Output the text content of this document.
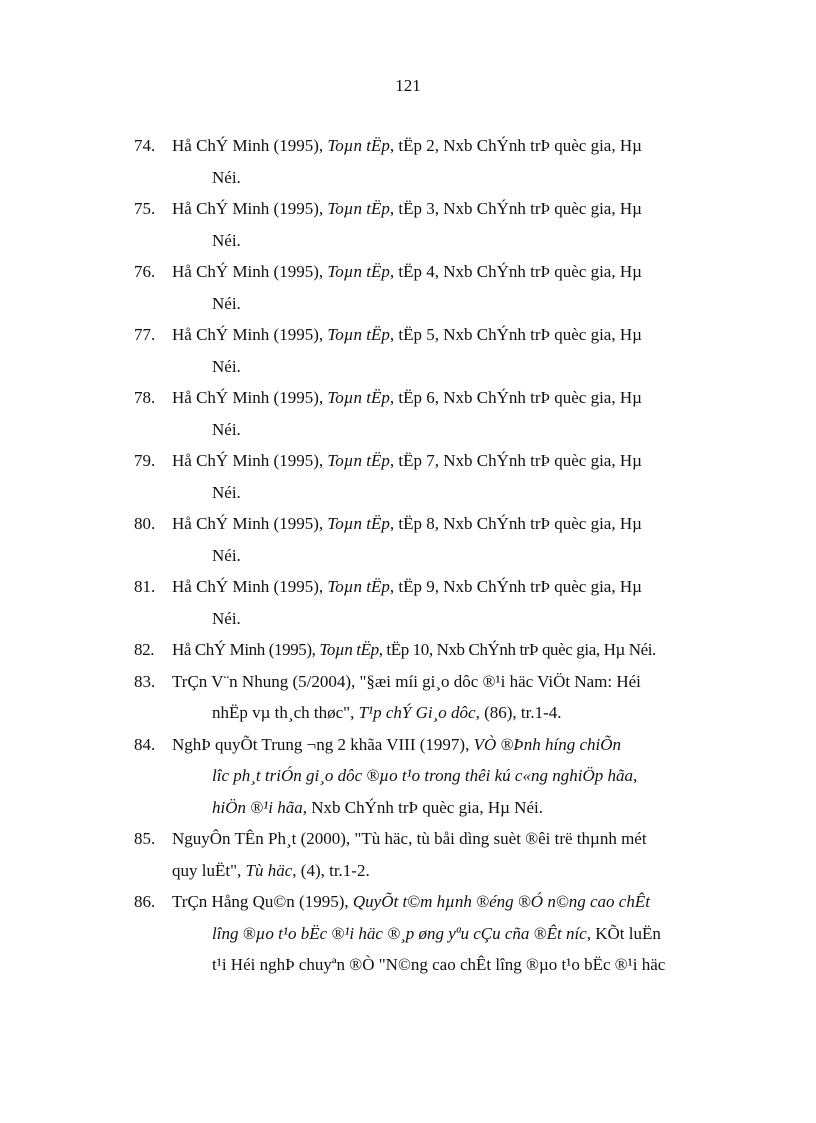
121
74. Hå ChÝ Minh (1995), Toµn tËp, tËp 2, Nxb ChÝnh trÞ quèc gia, Hµ
Néi.
75. Hå ChÝ Minh (1995), Toµn tËp, tËp 3, Nxb ChÝnh trÞ quèc gia, Hµ
Néi.
76. Hå ChÝ Minh (1995), Toµn tËp, tËp 4, Nxb ChÝnh trÞ quèc gia, Hµ
Néi.
77. Hå ChÝ Minh (1995), Toµn tËp, tËp 5, Nxb ChÝnh trÞ quèc gia, Hµ
Néi.
78. Hå ChÝ Minh (1995), Toµn tËp, tËp 6, Nxb ChÝnh trÞ quèc gia, Hµ
Néi.
79. Hå ChÝ Minh (1995), Toµn tËp, tËp 7, Nxb ChÝnh trÞ quèc gia, Hµ
Néi.
80. Hå ChÝ Minh (1995), Toµn tËp, tËp 8, Nxb ChÝnh trÞ quèc gia, Hµ
Néi.
81. Hå ChÝ Minh (1995), Toµn tËp, tËp 9, Nxb ChÝnh trÞ quèc gia, Hµ
Néi.
82.	Hå ChÝ Minh (1995), Toµn tËp, tËp 10, Nxb ChÝnh trÞ quèc gia, Hµ Néi.
83. TrÇn V¨n Nhung (5/2004), "§æi míi gi¸o dôc ®¹i häc ViÖt Nam: Héi
nhËp vµ th¸ch thøc", T¹p chÝ Gi¸o dôc, (86), tr.1-4.
84. NghÞ quyÕt Trung ¬ng 2 khãa VIII (1997), VÒ ®Þnh híng chiÕn
lîc ph¸t triÓn gi¸o dôc ®µo t¹o trong thêi kú c«ng nghiÖp hãa,
hiÖn ®¹i hãa, Nxb ChÝnh trÞ quèc gia, Hµ Néi.
85. NguyÔn TÊn Ph¸t (2000), "Tù häc, tù båi dìng suèt ®êi trë thµnh mét
quy luËt", Tù häc, (4), tr.1-2.
86. TrÇn Hång Qu©n (1995), QuyÕt t©m hµnh ®éng ®Ó n©ng cao chÊt
lîng ®µo t¹o bËc ®¹i häc ®¸p øng yªu cÇu cña ®Êt níc, KÕt luËn
t¹i Héi nghÞ chuyªn ®Ò "N©ng cao chÊt lîng ®µo t¹o bËc ®¹i häc
